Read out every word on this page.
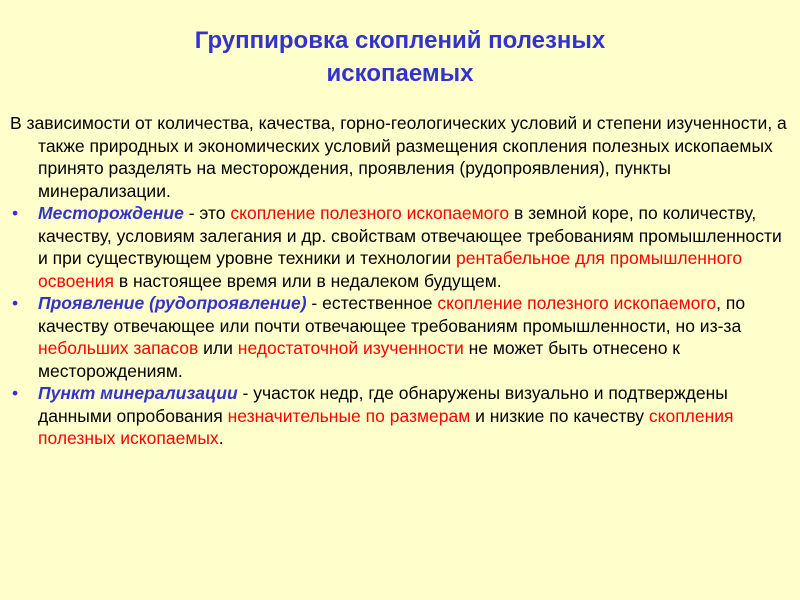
Группировка скоплений полезных
ископаемых

В зависимости от количества, качества, горно-геологических условий и степени изученности, а также природных и экономических условий размещения скопления полезных ископаемых принято разделять на месторождения, проявления (рудопроявления), пункты минерализации.

• Месторождение - это скопление полезного ископаемого в земной коре, по количеству, качеству, условиям залегания и др. свойствам отвечающее требованиям промышленности и при существующем уровне техники и технологии рентабельное для промышленного освоения в настоящее время или в недалеком будущем.
• Проявление (рудопроявление) - естественное скопление полезного ископаемого, по качеству отвечающее или почти отвечающее требованиям промышленности, но из-за небольших запасов или недостаточной изученности не может быть отнесено к месторождениям.
• Пункт минерализации - участок недр, где обнаружены визуально и подтверждены данными опробования незначительные по размерам и низкие по качеству скопления полезных ископаемых.
